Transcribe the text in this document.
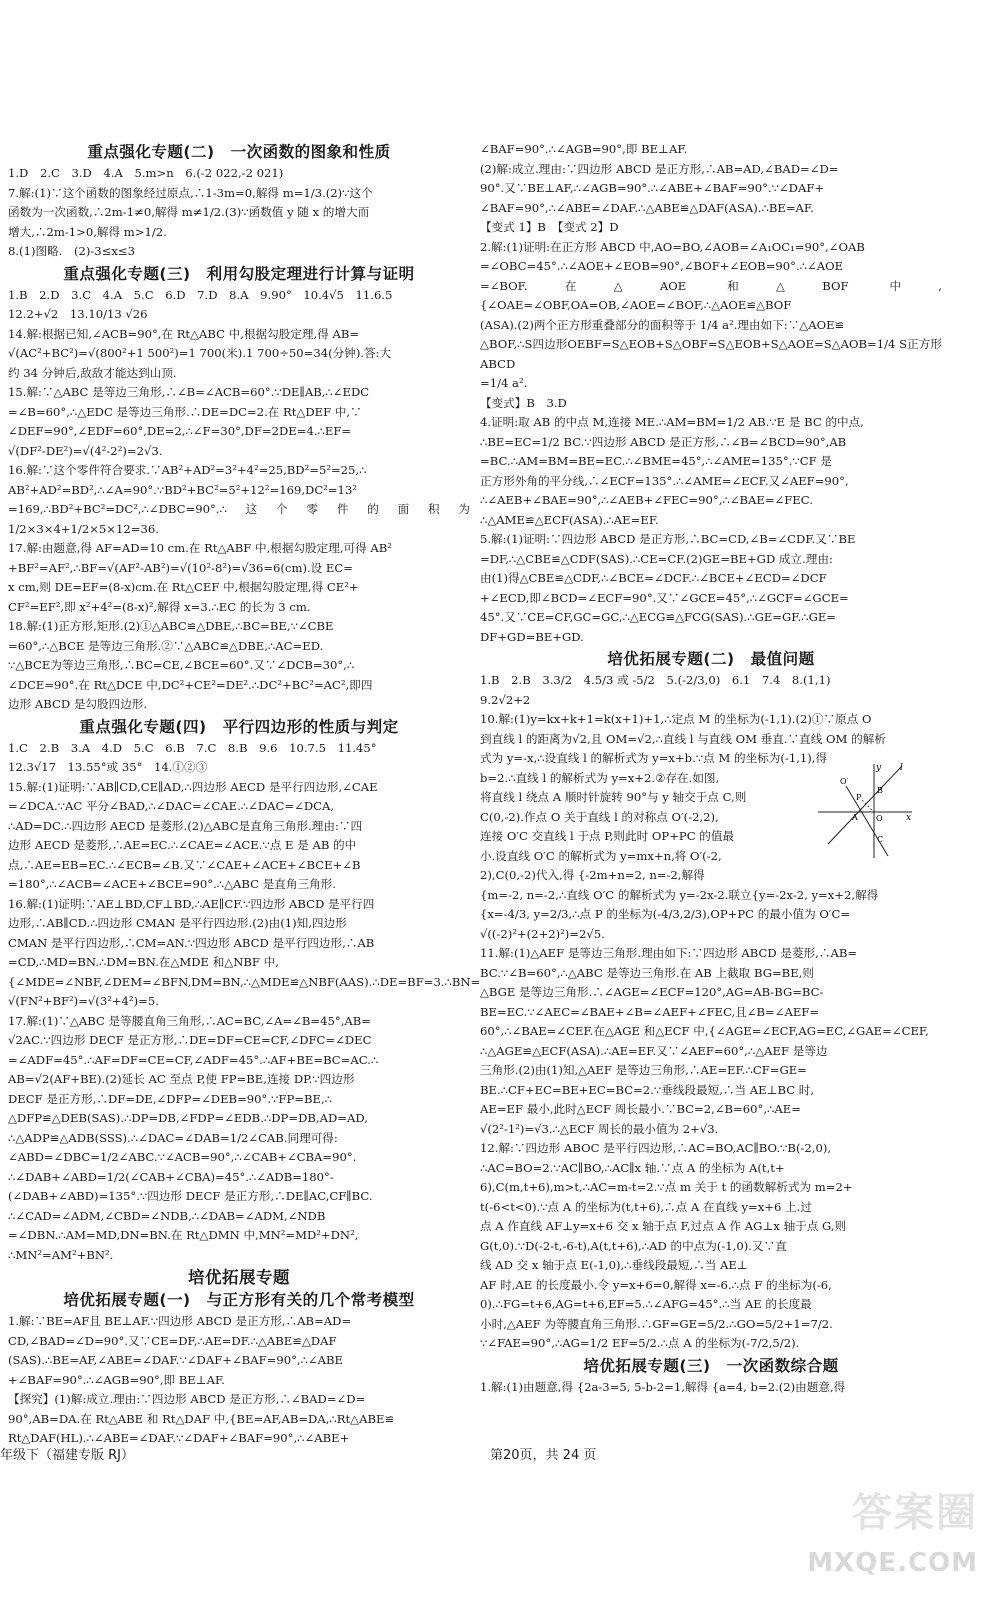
重点强化专题(二)　一次函数的图象和性质

1.D　2.C　3.D　4.A　5.m>n　6.(-2 022,-2 021)

7.解:(1)∵这个函数的图象经过原点,∴1-3m=0,解得 m=1/3.(2)∵这个

函数为一次函数,∴2m-1≠0,解得 m≠1/2.(3)∵函数值 y 随 x 的增大而

增大,∴2m-1>0,解得 m>1/2.

8.(1)图略.　(2)-3≤x≤3

重点强化专题(三)　利用勾股定理进行计算与证明

1.B　2.D　3.C　4.A　5.C　6.D　7.D　8.A　9.90°　10.4√5　11.6.5

12.2+√2　13.10/13 √26

14.解:根据已知,∠ACB=90°,在 Rt△ABC 中,根据勾股定理,得 AB=

√(AC²+BC²)=√(800²+1 500²)=1 700(米).1 700÷50=34(分钟).答:大

约 34 分钟后,敌敌才能达到山顶.

15.解:∵△ABC 是等边三角形,∴∠B=∠ACB=60°.∵DE∥AB,∴∠EDC

=∠B=60°,∴△EDC 是等边三角形.∴DE=DC=2.在 Rt△DEF 中,∵

∠DEF=90°,∠EDF=60°,DE=2,∴∠F=30°,DF=2DE=4.∴EF=

√(DF²-DE²)=√(4²-2²)=2√3.

16.解:∵这个零件符合要求.∵AB²+AD²=3²+4²=25,BD²=5²=25,∴

AB²+AD²=BD²,∴∠A=90°.∵BD²+BC²=5²+12²=169,DC²=13²

=169,∴BD²+BC²=DC²,∴∠DBC=90°.∴这个零件的面积为 1/2×3×4+1/2×5×12=36.

17.解:由题意,得 AF=AD=10 cm.在 Rt△ABF 中,根据勾股定理,可得 AB²

+BF²=AF²,∴BF=√(AF²-AB²)=√(10²-8²)=√36=6(cm).设 EC=

x cm,则 DE=EF=(8-x)cm.在 Rt△CEF 中,根据勾股定理,得 CE²+

CF²=EF²,即 x²+4²=(8-x)²,解得 x=3.∴EC 的长为 3 cm.

18.解:(1)正方形,矩形.(2)①△ABC≌△DBE,∴BC=BE,∵∠CBE

=60°,∴△BCE 是等边三角形.②∵△ABC≌△DBE,∴AC=ED.

∵△BCE为等边三角形,∴BC=CE,∠BCE=60°.又∵∠DCB=30°,∴

∠DCE=90°.在 Rt△DCE 中,DC²+CE²=DE².∴DC²+BC²=AC²,即四

边形 ABCD 是勾股四边形.

重点强化专题(四)　平行四边形的性质与判定

1.C　2.B　3.A　4.D　5.C　6.B　7.C　8.B　9.6　10.7.5　11.45°

12.3√17　13.55°或 35°　14.①②③

15.解:(1)证明:∵AB∥CD,CE∥AD,∴四边形 AECD 是平行四边形,∠CAE

=∠DCA.∵AC 平分∠BAD,∴∠DAC=∠CAE.∴∠DAC=∠DCA,

∴AD=DC.∴四边形 AECD 是菱形.(2)△ABC是直角三角形.理由:∵四

边形 AECD 是菱形,∴AE=EC.∴∠CAE=∠ACE.∵点 E 是 AB 的中

点,∴AE=EB=EC.∴∠ECB=∠B.又∵∠CAE+∠ACE+∠BCE+∠B

=180°,∴∠ACB=∠ACE+∠BCE=90°.∴△ABC 是直角三角形.

16.解:(1)证明:∵AE⊥BD,CF⊥BD,∴AE∥CF.∵四边形 ABCD 是平行四

边形,∴AB∥CD.∴四边形 CMAN 是平行四边形.(2)由(1)知,四边形

CMAN 是平行四边形,∴CM=AN.∵四边形 ABCD 是平行四边形,∴AB

=CD,∴MD=BN.∴DM=BN.在△MDE 和△NBF 中,

{∠MDE=∠NBF,∠DEM=∠BFN,DM=BN,∴△MDE≌△NBF(AAS).∴DE=BF=3.∴BN=

√(FN²+BF²)=√(3²+4²)=5.

17.解:(1)∵△ABC 是等腰直角三角形,∴AC=BC,∠A=∠B=45°,AB=

√2AC.∵四边形 DECF 是正方形,∴DE=DF=CE=CF,∠DFC=∠DEC

=∠ADF=45°.∴AF=DF=CE=CF,∠ADF=45°.∴AF+BE=BC=AC.∴

AB=√2(AF+BE).(2)延长 AC 至点 P,使 FP=BE,连接 DP.∵四边形

DECF 是正方形,∴DF=DE,∠DFP=∠DEB=90°.∵FP=BE,∴

△DFP≌△DEB(SAS).∴DP=DB,∠FDP=∠EDB.∴DP=DB,AD=AD,

∴△ADP≌△ADB(SSS).∴∠DAC=∠DAB=1/2∠CAB.同理可得:

∠ABD=∠DBC=1/2∠ABC.∵∠ACB=90°,∴∠CAB+∠CBA=90°.

∴∠DAB+∠ABD=1/2(∠CAB+∠CBA)=45°.∴∠ADB=180°-

(∠DAB+∠ABD)=135°.∵四边形 DECF 是正方形,∴DE∥AC,CF∥BC.

∴∠CAD=∠ADM,∠CBD=∠NDB,∴∠DAB=∠ADM,∠NDB

=∠DBN.∴AM=MD,DN=BN.在 Rt△DMN 中,MN²=MD²+DN²,

∴MN²=AM²+BN².

培优拓展专题
培优拓展专题(一)　与正方形有关的几个常考模型

1.解:∵BE=AF且 BE⊥AF.∵四边形 ABCD 是正方形,∴AB=AD=

CD,∠BAD=∠D=90°.又∵CE=DF,∴AE=DF.∴△ABE≌△DAF

(SAS).∴BE=AF,∠ABE=∠DAF.∵∠DAF+∠BAF=90°,∴∠ABE

+∠BAF=90°.∴∠AGB=90°,即 BE⊥AF.

【探究】(1)解:成立.理由:∵四边形 ABCD 是正方形,∴∠BAD=∠D=

90°,AB=DA.在 Rt△ABE 和 Rt△DAF 中,{BE=AF,AB=DA,∴Rt△ABE≌

Rt△DAF(HL).∴∠ABE=∠DAF.∵∠DAF+∠BAF=90°,∴∠ABE+

∠BAF=90°.∴∠AGB=90°,即 BE⊥AF.

(2)解:成立.理由:∵四边形 ABCD 是正方形,∴AB=AD,∠BAD=∠D=

90°.又∵BE⊥AF,∴∠AGB=90°.∴∠ABE+∠BAF=90°.∵∠DAF+

∠BAF=90°,∴∠ABE=∠DAF.∴△ABE≌△DAF(ASA).∴BE=AF.

【变式 1】B　【变式 2】D

2.解:(1)证明:在正方形 ABCD 中,AO=BO,∠AOB=∠A₁OC₁=90°,∠OAB

=∠OBC=45°.∴∠AOE+∠EOB=90°,∠BOF+∠EOB=90°.∴∠AOE

=∠BOF.在△AOE 和△BOF 中,{∠OAE=∠OBF,OA=OB,∠AOE=∠BOF,∴△AOE≌△BOF

(ASA).(2)两个正方形重叠部分的面积等于 1/4 a².理由如下:∵△AOE≌

△BOF,∴S四边形OEBF=S△EOB+S△OBF=S△EOB+S△AOE=S△AOB=1/4 S正方形ABCD

=1/4 a².

【变式】B　3.D

4.证明:取 AB 的中点 M,连接 ME.∴AM=BM=1/2 AB.∵E 是 BC 的中点,

∴BE=EC=1/2 BC.∵四边形 ABCD 是正方形,∴∠B=∠BCD=90°,AB

=BC.∴AM=BM=BE=EC.∴∠BME=45°,∴∠AME=135°.∵CF 是

正方形外角的平分线,∴∠ECF=135°.∴∠AME=∠ECF.又∠AEF=90°,

∴∠AEB+∠BAE=90°,∴∠AEB+∠FEC=90°,∴∠BAE=∠FEC.

∴△AME≌△ECF(ASA).∴AE=EF.

5.解:(1)证明:∵四边形 ABCD 是正方形,∴BC=CD,∠B=∠CDF.又∵BE

=DF,∴△CBE≌△CDF(SAS).∴CE=CF.(2)GE=BE+GD 成立.理由:

由(1)得△CBE≌△CDF,∴∠BCE=∠DCF.∴∠BCE+∠ECD=∠DCF

+∠ECD,即∠BCD=∠ECF=90°.又∵∠GCE=45°,∴∠GCF=∠GCE=

45°.又∵CE=CF,GC=GC,∴△ECG≌△FCG(SAS).∴GE=GF.∴GE=

DF+GD=BE+GD.

培优拓展专题(二)　最值问题

1.B　2.B　3.3/2　4.5/3 或 -5/2　5.(-2/3,0)　6.1　7.4　8.(1,1)

9.2√2+2

10.解:(1)y=kx+k+1=k(x+1)+1,∴定点 M 的坐标为(-1,1).(2)①∵原点 O

到直线 l 的距离为√2,且 OM=√2,∴直线 l 与直线 OM 垂直.∵直线 OM 的解析

式为 y=-x,∴设直线 l 的解析式为 y=x+b.∵点 M 的坐标为(-1,1),得

b=2.∴直线 l 的解析式为 y=x+2.②存在.如图,

将直线 l 绕点 A 顺时针旋转 90°与 y 轴交于点 C,则

C(0,-2).作点 O 关于直线 l 的对称点 O′(-2,2),

连接 O′C 交直线 l 于点 P,则此时 OP+PC 的值最

小.设直线 O′C 的解析式为 y=mx+n,将 O′(-2,

2),C(0,-2)代入,得 {-2m+n=2, n=-2,解得

{m=-2, n=-2,∴直线 O′C 的解析式为 y=-2x-2.联立{y=-2x-2, y=x+2,解得

{x=-4/3, y=2/3,∴点 P 的坐标为(-4/3,2/3),OP+PC 的最小值为 O′C=

√((-2)²+(2+2)²)=2√5.

11.解:(1)△AEF 是等边三角形.理由如下:∵四边形 ABCD 是菱形,∴AB=

BC.∵∠B=60°,∴△ABC 是等边三角形.在 AB 上截取 BG=BE,则

△BGE 是等边三角形.∴∠AGE=∠ECF=120°,AG=AB-BG=BC-

BE=EC.∵∠AEC=∠BAE+∠B=∠AEF+∠FEC,且∠B=∠AEF=

60°,∴∠BAE=∠CEF.在△AGE 和△ECF 中,{∠AGE=∠ECF,AG=EC,∠GAE=∠CEF,

∴△AGE≌△ECF(ASA).∴AE=EF.又∵∠AEF=60°,∴△AEF 是等边

三角形.(2)由(1)知,△AEF 是等边三角形,∴AE=EF.∴CF=GE=

BE.∴CF+EC=BE+EC=BC=2.∵垂线段最短,∴当 AE⊥BC 时,

AE=EF 最小,此时△ECF 周长最小.∵BC=2,∠B=60°,∴AE=

√(2²-1²)=√3.∴△ECF 周长的最小值为 2+√3.

12.解:∵四边形 ABOC 是平行四边形,∴AC=BO,AC∥BO.∵B(-2,0),

∴AC=BO=2.∵AC∥BO,∴AC∥x 轴.∵点 A 的坐标为 A(t,t+

6),C(m,t+6),m>t,∴AC=m-t=2.∵点 m 关于 t 的函数解析式为 m=2+

t(-6<t<0).∵点 A 的坐标为(t,t+6),∴点 A 在直线 y=x+6 上.过

点 A 作直线 AF⊥y=x+6 交 x 轴于点 F,过点 A 作 AG⊥x 轴于点 G,则

G(t,0).∵D(-2-t,-6-t),A(t,t+6),∴AD 的中点为(-1,0).又∵直

线 AD 交 x 轴于点 E(-1,0),∴垂线段最短,∴当 AE⊥

AF 时,AE 的长度最小.令 y=x+6=0,解得 x=-6.∴点 F 的坐标为(-6,

0).∴FG=t+6,AG=t+6,EF=5.∴∠AFG=45°.∴当 AE 的长度最

小时,△AEF 为等腰直角三角形.∴GF=GE=5/2.∴GO=5/2+1=7/2.

∵∠FAE=90°,∴AG=1/2 EF=5/2.∴点 A 的坐标为(-7/2,5/2).

培优拓展专题(三)　一次函数综合题

1.解:(1)由题意,得 {2a-3=5, 5-b-2=1,解得 {a=4, b=2.(2)由题意,得

y l
x
O
B
C
O′
P
A
年级下（福建专版 RJ）	第20页，共 24 页
答案圈
MXQE.COM
